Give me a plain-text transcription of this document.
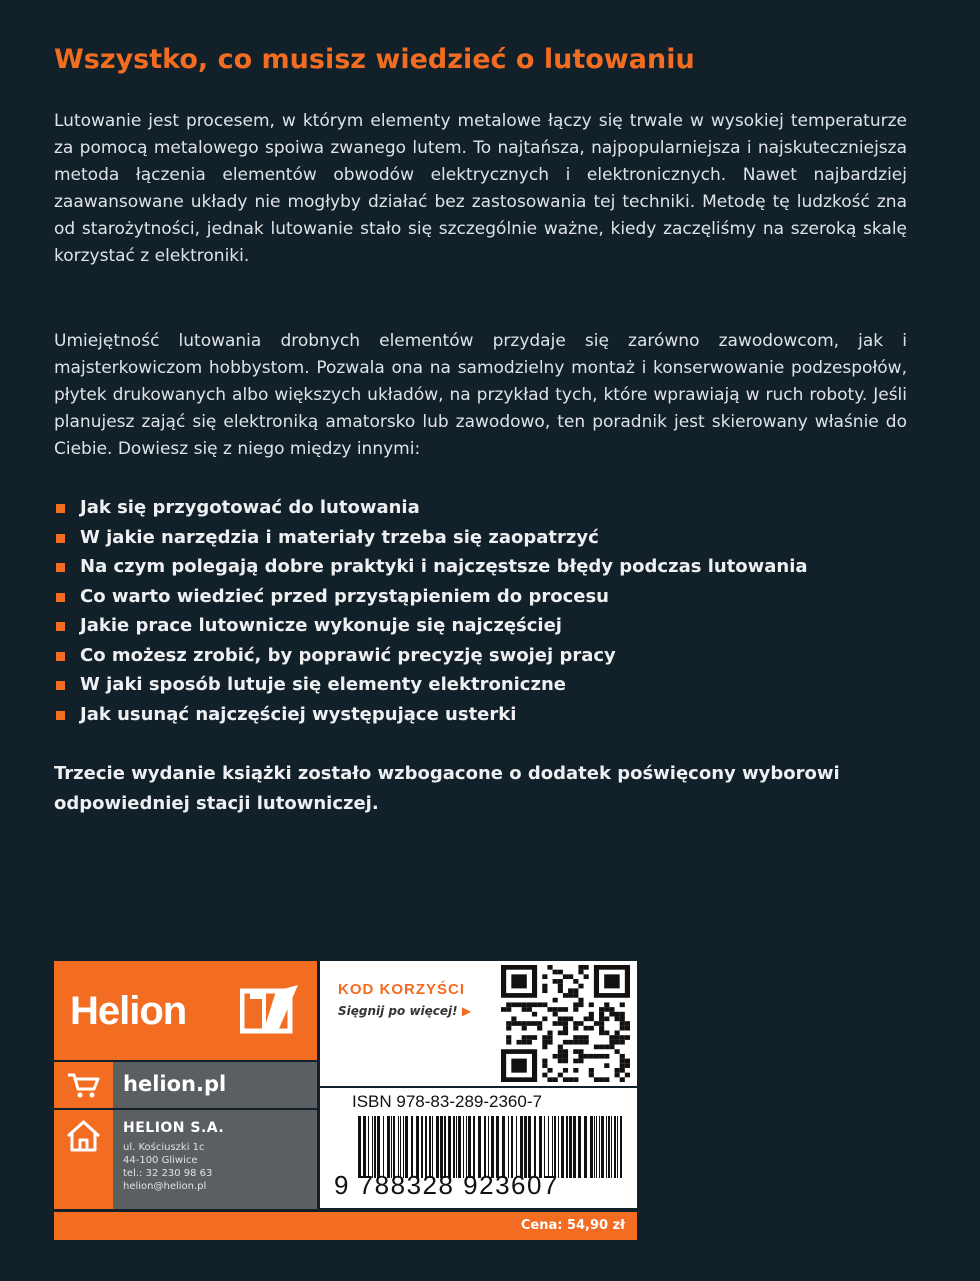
Wszystko, co musisz wiedzieć o lutowaniu

Lutowanie jest procesem, w którym elementy metalowe łączy się trwale w wysokiej temperaturze za pomocą metalowego spoiwa zwanego lutem. To najtańsza, najpopularniejsza i najskuteczniejsza metoda łączenia elementów obwodów elektrycznych i elektronicznych. Nawet najbardziej zaawansowane układy nie mogłyby działać bez zastosowania tej techniki. Metodę tę ludzkość zna od starożytności, jednak lutowanie stało się szczególnie ważne, kiedy zaczęliśmy na szeroką skalę korzystać z elektroniki.

Umiejętność lutowania drobnych elementów przydaje się zarówno zawodowcom, jak i majsterkowiczom hobbystom. Pozwala ona na samodzielny montaż i konserwowanie podzespołów, płytek drukowanych albo większych układów, na przykład tych, które wprawiają w ruch roboty. Jeśli planujesz zająć się elektroniką amatorsko lub zawodowo, ten poradnik jest skierowany właśnie do Ciebie. Dowiesz się z niego między innymi:

Jak się przygotować do lutowania
W jakie narzędzia i materiały trzeba się zaopatrzyć
Na czym polegają dobre praktyki i najczęstsze błędy podczas lutowania
Co warto wiedzieć przed przystąpieniem do procesu
Jakie prace lutownicze wykonuje się najczęściej
Co możesz zrobić, by poprawić precyzję swojej pracy
W jaki sposób lutuje się elementy elektroniczne
Jak usunąć najczęściej występujące usterki

Trzecie wydanie książki zostało wzbogacone o dodatek poświęcony wyborowi odpowiedniej stacji lutowniczej.

Helion
helion.pl
HELION S.A.
ul. Kościuszki 1c
44-100 Gliwice
tel.: 32 230 98 63
helion@helion.pl
KOD KORZYŚCI
Sięgnij po więcej! ▶
ISBN 978-83-289-2360-7
9 788328 923607
Cena: 54,90 zł
